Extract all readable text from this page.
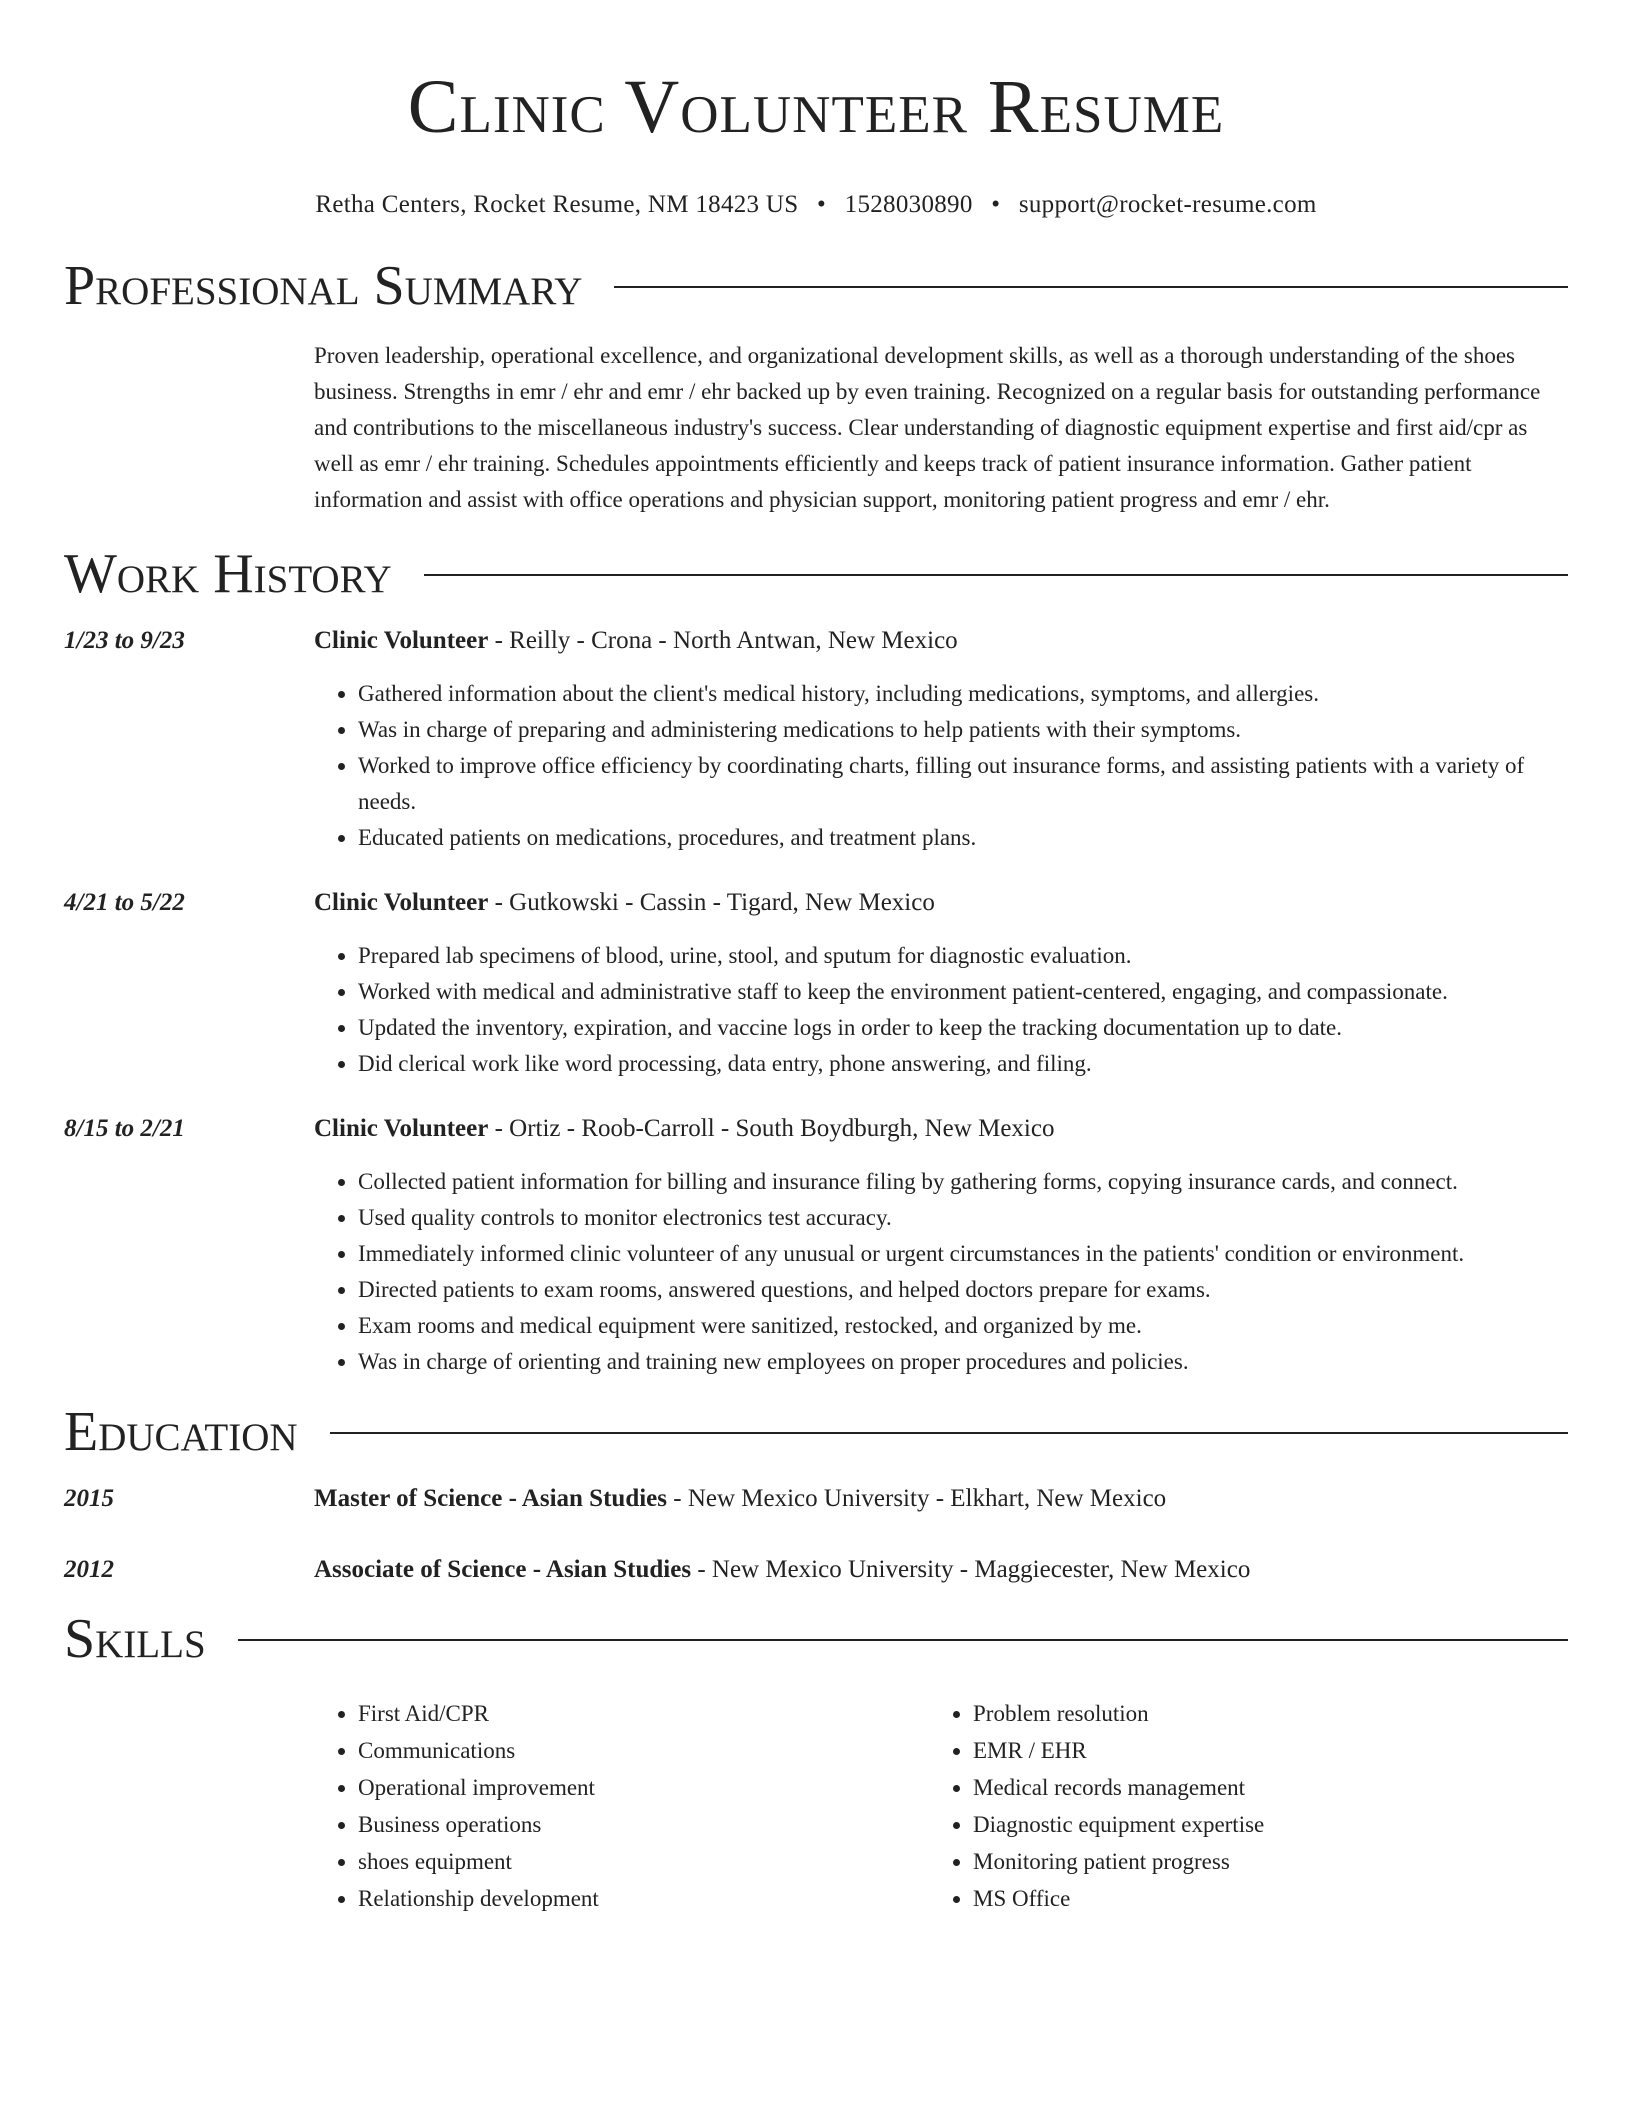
Clinic Volunteer Resume
Retha Centers, Rocket Resume, NM 18423 US • 1528030890 • support@rocket-resume.com
Professional Summary
Proven leadership, operational excellence, and organizational development skills, as well as a thorough understanding of the shoes business. Strengths in emr / ehr and emr / ehr backed up by even training. Recognized on a regular basis for outstanding performance and contributions to the miscellaneous industry's success. Clear understanding of diagnostic equipment expertise and first aid/cpr as well as emr / ehr training. Schedules appointments efficiently and keeps track of patient insurance information. Gather patient information and assist with office operations and physician support, monitoring patient progress and emr / ehr.
Work History
1/23 to 9/23	Clinic Volunteer - Reilly - Crona - North Antwan, New Mexico
• Gathered information about the client's medical history, including medications, symptoms, and allergies.
• Was in charge of preparing and administering medications to help patients with their symptoms.
• Worked to improve office efficiency by coordinating charts, filling out insurance forms, and assisting patients with a variety of needs.
• Educated patients on medications, procedures, and treatment plans.
4/21 to 5/22	Clinic Volunteer - Gutkowski - Cassin - Tigard, New Mexico
• Prepared lab specimens of blood, urine, stool, and sputum for diagnostic evaluation.
• Worked with medical and administrative staff to keep the environment patient-centered, engaging, and compassionate.
• Updated the inventory, expiration, and vaccine logs in order to keep the tracking documentation up to date.
• Did clerical work like word processing, data entry, phone answering, and filing.
8/15 to 2/21	Clinic Volunteer - Ortiz - Roob-Carroll - South Boydburgh, New Mexico
• Collected patient information for billing and insurance filing by gathering forms, copying insurance cards, and connect.
• Used quality controls to monitor electronics test accuracy.
• Immediately informed clinic volunteer of any unusual or urgent circumstances in the patients' condition or environment.
• Directed patients to exam rooms, answered questions, and helped doctors prepare for exams.
• Exam rooms and medical equipment were sanitized, restocked, and organized by me.
• Was in charge of orienting and training new employees on proper procedures and policies.
Education
2015	Master of Science - Asian Studies - New Mexico University - Elkhart, New Mexico
2012	Associate of Science - Asian Studies - New Mexico University - Maggiecester, New Mexico
Skills
• First Aid/CPR
• Communications
• Operational improvement
• Business operations
• shoes equipment
• Relationship development
• Problem resolution
• EMR / EHR
• Medical records management
• Diagnostic equipment expertise
• Monitoring patient progress
• MS Office
